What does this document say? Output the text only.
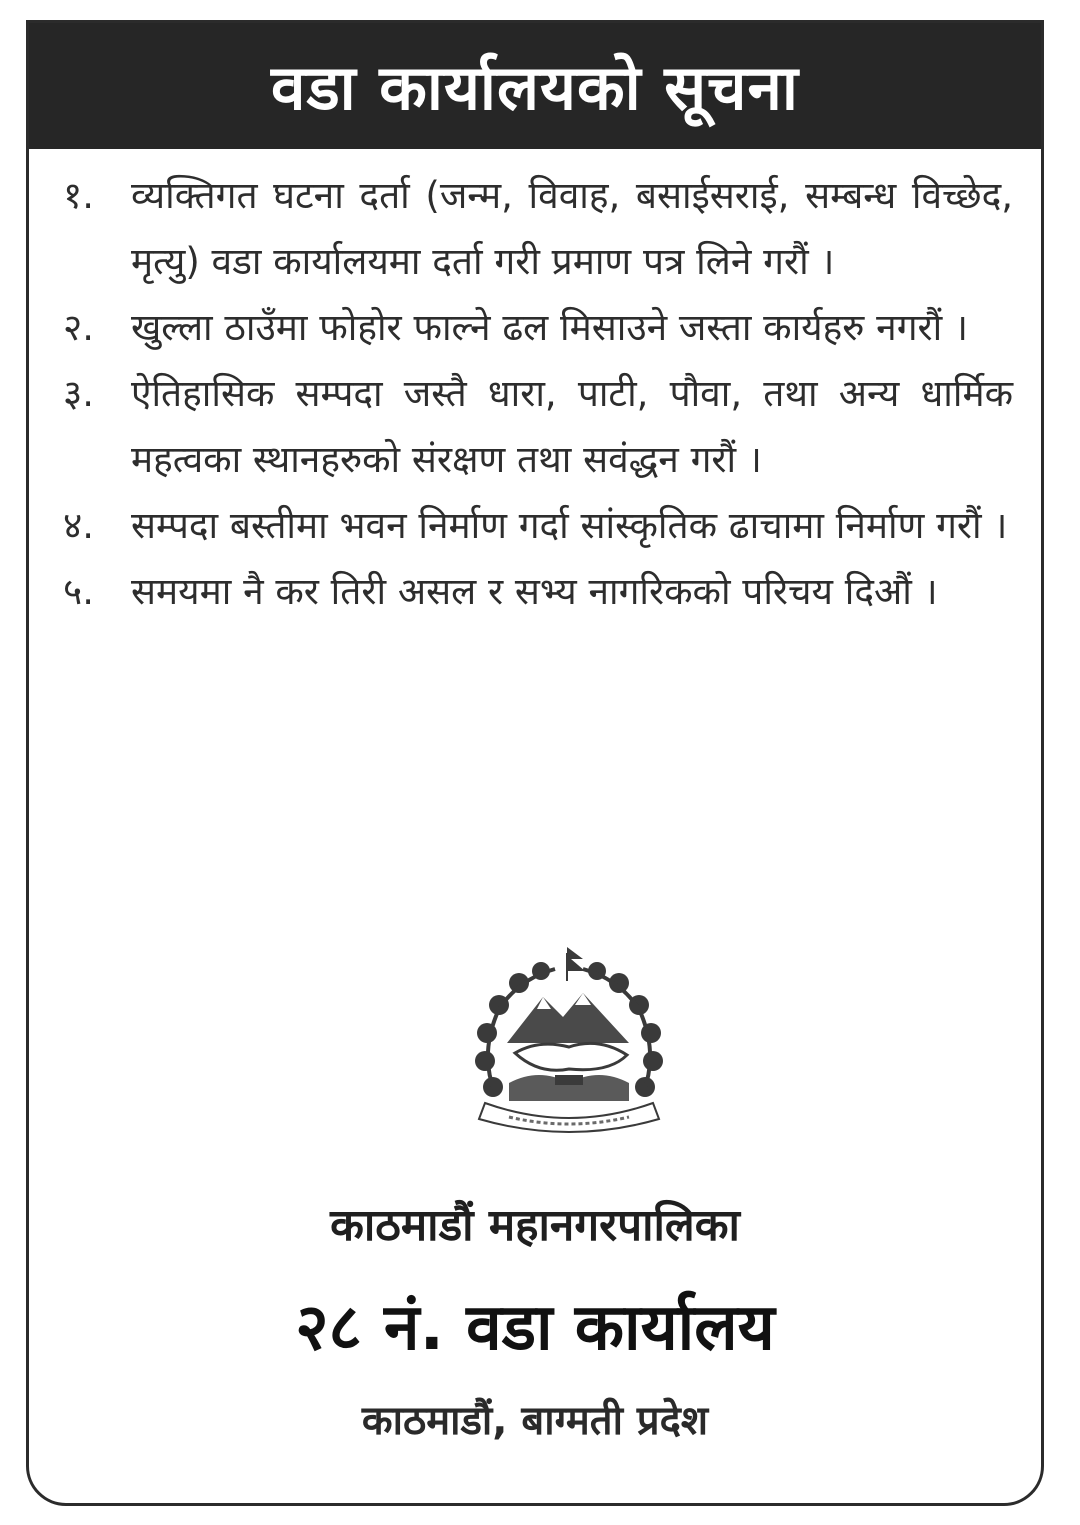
वडा कार्यालयको सूचना
१. व्यक्तिगत घटना दर्ता (जन्म, विवाह, बसाईसराई, सम्बन्ध विच्छेद, मृत्यु) वडा कार्यालयमा दर्ता गरी प्रमाण पत्र लिने गरौं ।
२. खुल्ला ठाउँमा फोहोर फाल्ने ढल मिसाउने जस्ता कार्यहरु नगरौं ।
३. ऐतिहासिक सम्पदा जस्तै धारा, पाटी, पौवा, तथा अन्य धार्मिक महत्वका स्थानहरुको संरक्षण तथा सवंद्धन गरौं ।
४. सम्पदा बस्तीमा भवन निर्माण गर्दा सांस्कृतिक ढाचामा निर्माण गरौं ।
५. समयमा नै कर तिरी असल र सभ्य नागरिकको परिचय दिऔं ।
काठमाडौं महानगरपालिका
२८ नं. वडा कार्यालय
काठमाडौं, बाग्मती प्रदेश
